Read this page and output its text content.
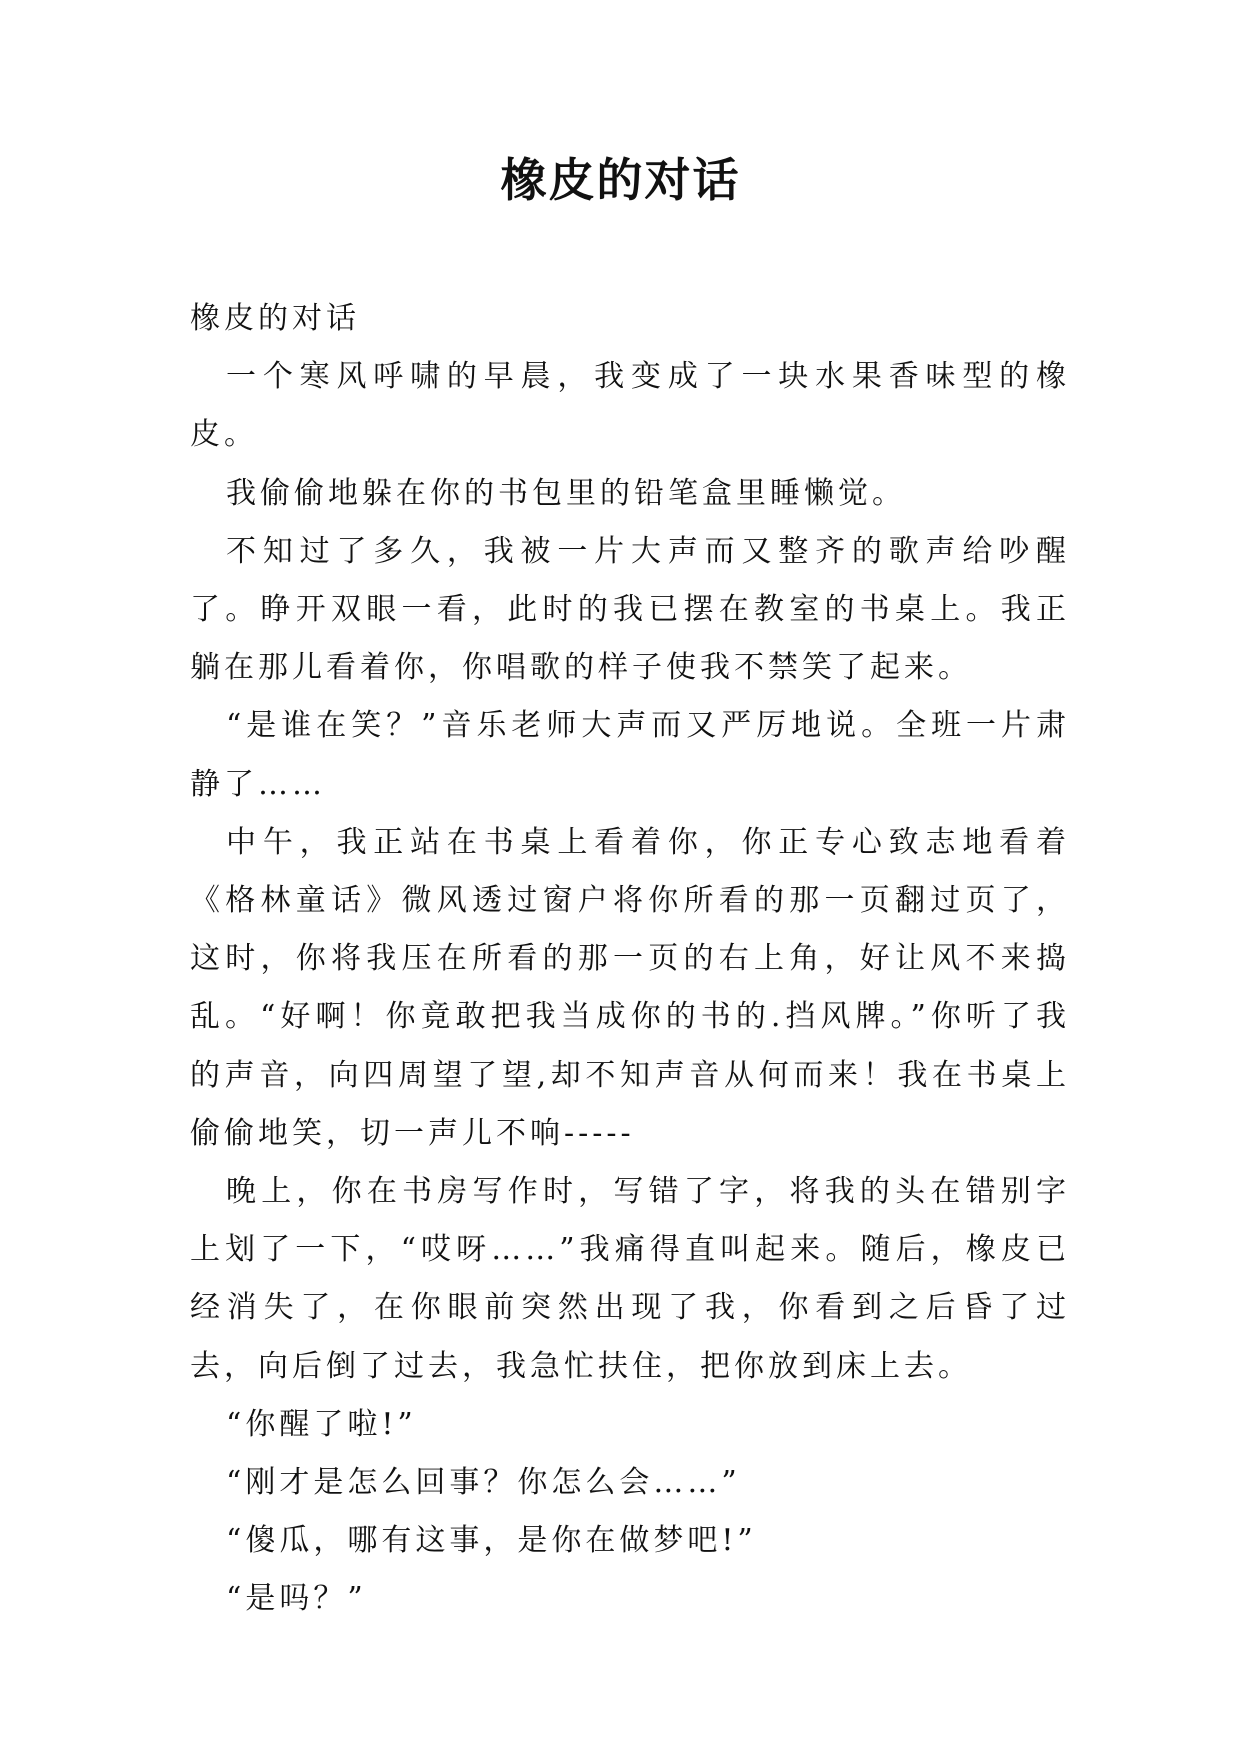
橡皮的对话

橡皮的对话

一个寒风呼啸的早晨，我变成了一块水果香味型的橡皮。

我偷偷地躲在你的书包里的铅笔盒里睡懒觉。

不知过了多久，我被一片大声而又整齐的歌声给吵醒了。睁开双眼一看，此时的我已摆在教室的书桌上。我正躺在那儿看着你，你唱歌的样子使我不禁笑了起来。

“是谁在笑？”音乐老师大声而又严厉地说。全班一片肃静了……

中午，我正站在书桌上看着你，你正专心致志地看着《格林童话》微风透过窗户将你所看的那一页翻过页了，这时，你将我压在所看的那一页的右上角，好让风不来捣乱。“好啊！你竟敢把我当成你的书的.挡风牌。”你听了我的声音，向四周望了望,却不知声音从何而来！我在书桌上偷偷地笑，切一声儿不响-----

晚上，你在书房写作时，写错了字，将我的头在错别字上划了一下，“哎呀……”我痛得直叫起来。随后，橡皮已经消失了，在你眼前突然出现了我，你看到之后昏了过去，向后倒了过去，我急忙扶住，把你放到床上去。

“你醒了啦!”

“刚才是怎么回事？你怎么会……”

“傻瓜，哪有这事，是你在做梦吧!”

“是吗？”
